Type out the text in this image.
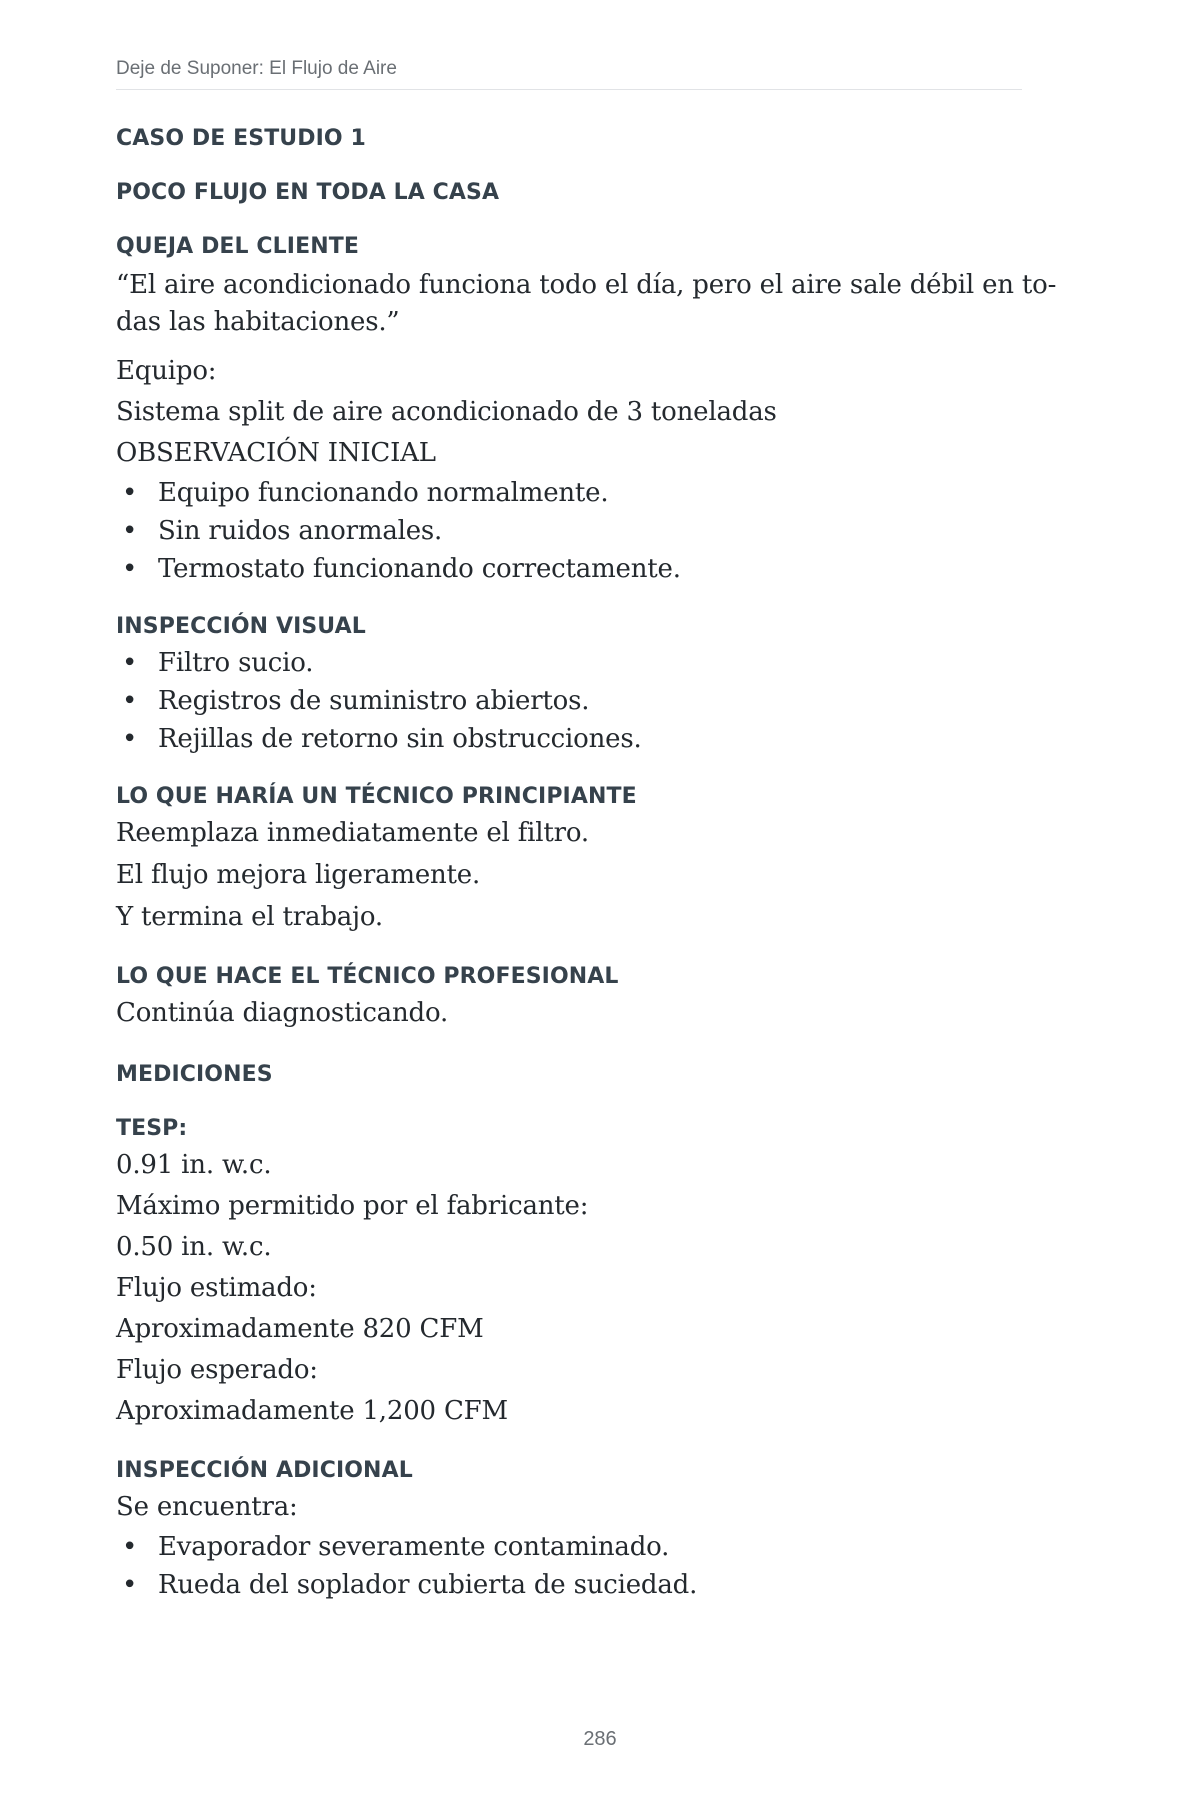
Deje de Suponer: El Flujo de Aire
CASO DE ESTUDIO 1
POCO FLUJO EN TODA LA CASA
QUEJA DEL CLIENTE
“El aire acondicionado funciona todo el día, pero el aire sale débil en to-
das las habitaciones.”
Equipo:
Sistema split de aire acondicionado de 3 toneladas
OBSERVACIÓN INICIAL
• Equipo funcionando normalmente.
• Sin ruidos anormales.
• Termostato funcionando correctamente.
INSPECCIÓN VISUAL
• Filtro sucio.
• Registros de suministro abiertos.
• Rejillas de retorno sin obstrucciones.
LO QUE HARÍA UN TÉCNICO PRINCIPIANTE
Reemplaza inmediatamente el filtro.
El flujo mejora ligeramente.
Y termina el trabajo.
LO QUE HACE EL TÉCNICO PROFESIONAL
Continúa diagnosticando.
MEDICIONES
TESP:
0.91 in. w.c.
Máximo permitido por el fabricante:
0.50 in. w.c.
Flujo estimado:
Aproximadamente 820 CFM
Flujo esperado:
Aproximadamente 1,200 CFM
INSPECCIÓN ADICIONAL
Se encuentra:
• Evaporador severamente contaminado.
• Rueda del soplador cubierta de suciedad.
286
